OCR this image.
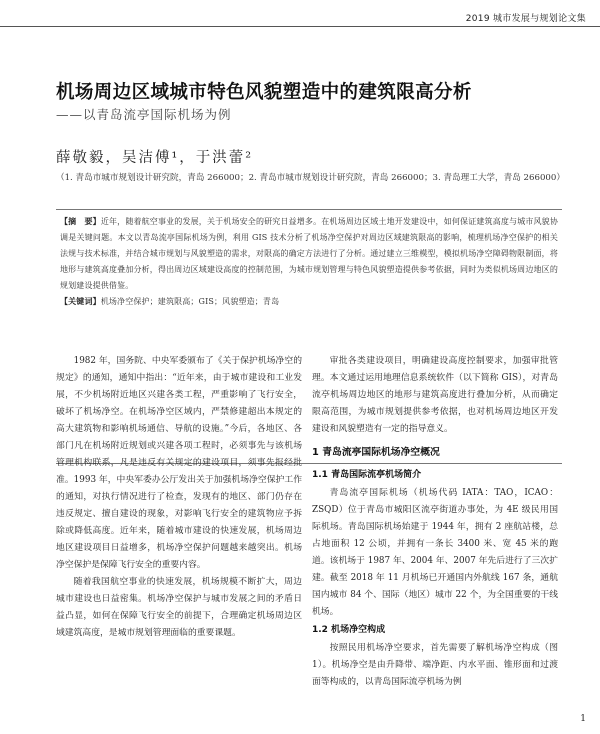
2019 城市发展与规划论文集
机场周边区域城市特色风貌塑造中的建筑限高分析
——以青岛流亭国际机场为例
薛敬毅，吴洁傅¹，于洪蕾²
（1. 青岛市城市规划设计研究院，青岛 266000；2. 青岛市城市规划设计研究院，青岛 266000；3. 青岛理工大学，青岛 266000）
【摘　要】近年，随着航空事业的发展，关于机场安全的研究日益增多。在机场周边区域土地开发建设中，如何保证建筑高度与城市风貌协调是关键问题。本文以青岛流亭国际机场为例，利用 GIS 技术分析了机场净空保护对周边区域建筑限高的影响，梳理机场净空保护的相关法规与技术标准，并结合城市规划与风貌塑造的需求，对限高的确定方法进行了分析。通过建立三维模型，模拟机场净空障碍物限制面，将地形与建筑高度叠加分析，得出周边区域建设高度的控制范围，为城市规划管理与特色风貌塑造提供参考依据，同时为类似机场周边地区的规划建设提供借鉴。
【关键词】机场净空保护；建筑限高；GIS；风貌塑造；青岛

1982 年，国务院、中央军委颁布了《关于保护机场净空的规定》的通知，通知中指出：“近年来，由于城市建设和工业发展，不少机场附近地区兴建各类工程，严重影响了飞行安全，破坏了机场净空。在机场净空区域内，严禁修建超出本规定的高大建筑物和影响机场通信、导航的设施。”今后，各地区、各部门凡在机场附近规划或兴建各项工程时，必须事先与该机场管理机构联系，凡是违反有关规定的建设项目，须事先报经批准。1993 年，中央军委办公厅发出关于加强机场净空保护工作的通知，对执行情况进行了检查，发现有的地区、部门仍存在违反规定、擅自建设的现象，对影响飞行安全的建筑物应予拆除或降低高度。近年来，随着城市建设的快速发展，机场周边地区建设项目日益增多，机场净空保护问题越来越突出。机场净空保护是保障飞行安全的重要内容。

随着我国航空事业的快速发展，机场规模不断扩大，周边城市建设也日益密集。机场净空保护与城市发展之间的矛盾日益凸显，如何在保障飞行安全的前提下，合理确定机场周边区域建筑高度，是城市规划管理面临的重要课题。

审批各类建设项目，明确建设高度控制要求，加强审批管理。本文通过运用地理信息系统软件（以下简称 GIS），对青岛流亭机场周边地区的地形与建筑高度进行叠加分析，从而确定限高范围，为城市规划提供参考依据，也对机场周边地区开发建设和风貌塑造有一定的指导意义。

1 青岛流亭国际机场净空概况
1.1 青岛国际流亭机场简介

青岛流亭国际机场（机场代码 IATA：TAO，ICAO：ZSQD）位于青岛市城阳区流亭街道办事处，为 4E 级民用国际机场。青岛国际机场始建于 1944 年，拥有 2 座航站楼，总占地面积 12 公顷，并拥有一条长 3400 米、宽 45 米的跑道。该机场于 1987 年、2004 年、2007 年先后进行了三次扩建。截至 2018 年 11 月机场已开通国内外航线 167 条，通航国内城市 84 个、国际（地区）城市 22 个，为全国重要的干线机场。

1.2 机场净空构成

按照民用机场净空要求，首先需要了解机场净空构成（图 1）。机场净空是由升降带、端净距、内水平面、锥形面和过渡面等构成的，以青岛国际流亭机场为例

1
